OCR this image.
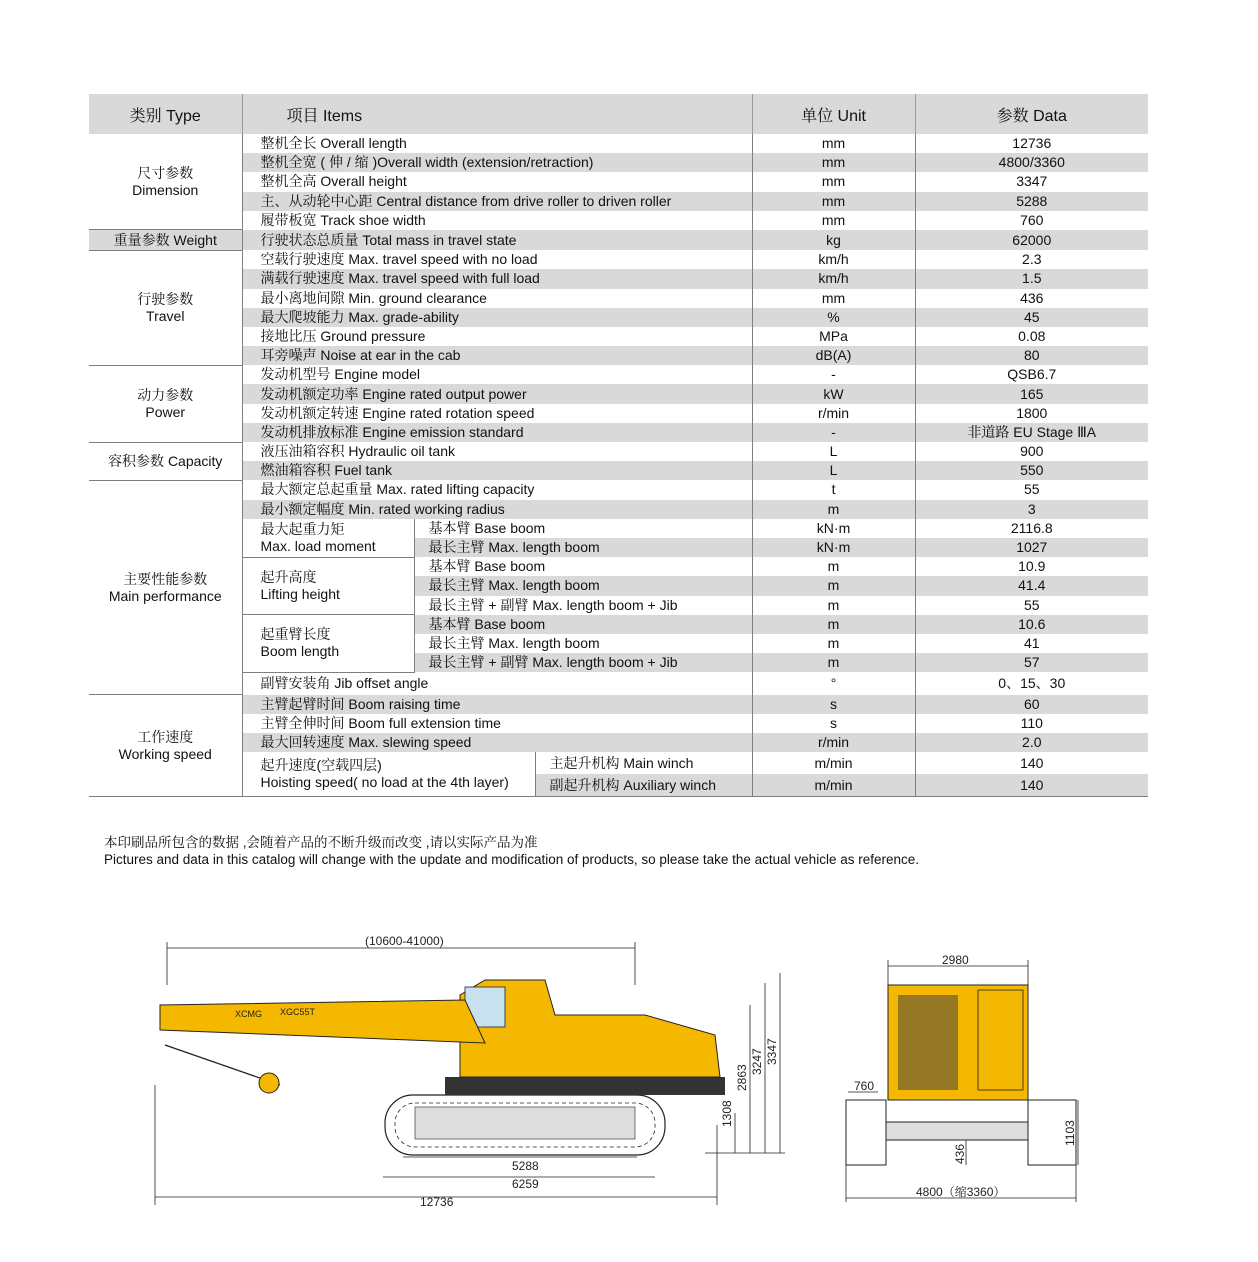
类别 Type	项目 Items			单位 Unit	参数 Data
尺寸参数
Dimension	整机全长 Overall length			mm	12736
	整机全宽 ( 伸 / 缩 )Overall width (extension/retraction)			mm	4800/3360
	整机全高 Overall height			mm	3347
	主、从动轮中心距 Central distance from drive roller to driven roller			mm	5288
	履带板宽 Track shoe width			mm	760
重量参数 Weight	行驶状态总质量 Total mass in travel state			kg	62000
行驶参数
Travel	空载行驶速度 Max. travel speed with no load			km/h	2.3
	满载行驶速度 Max. travel speed with full load			km/h	1.5
	最小离地间隙 Min. ground clearance			mm	436
	最大爬坡能力 Max. grade-ability			%	45
	接地比压 Ground pressure			MPa	0.08
	耳旁噪声 Noise at ear in the cab			dB(A)	80
动力参数
Power	发动机型号 Engine model			-	QSB6.7
	发动机额定功率 Engine rated output power			kW	165
	发动机额定转速 Engine rated rotation speed			r/min	1800
	发动机排放标准 Engine emission standard			-	非道路 EU Stage ⅢA
容积参数 Capacity	液压油箱容积 Hydraulic oil tank			L	900
	燃油箱容积 Fuel tank			L	550
主要性能参数
Main performance	最大额定总起重量 Max. rated lifting capacity			t	55
	最小额定幅度 Min. rated working radius			m	3
	最大起重力矩
Max. load moment	基本臂 Base boom		kN·m	2116.8
		最长主臂 Max. length boom		kN·m	1027
	起升高度
Lifting height	基本臂 Base boom		m	10.9
		最长主臂 Max. length boom		m	41.4
		最长主臂 + 副臂 Max. length boom + Jib		m	55
	起重臂长度
Boom length	基本臂 Base boom		m	10.6
		最长主臂 Max. length boom		m	41
		最长主臂 + 副臂 Max. length boom + Jib		m	57
	副臂安装角 Jib offset angle			°	0、15、30
工作速度
Working speed	主臂起臂时间 Boom raising time			s	60
	主臂全伸时间 Boom full extension time			s	110
	最大回转速度 Max. slewing speed			r/min	2.0
	起升速度(空载四层)
Hoisting speed( no load at the 4th layer)		主起升机构 Main winch	m/min	140
			副起升机构 Auxiliary winch	m/min	140
本印刷品所包含的数据 ,会随着产品的不断升级而改变 ,请以实际产品为准
Pictures and data in this catalog will change with the update and modification of products, so please take the actual vehicle as reference.
XCMG XGC55T
(10600-41000)
2863
3247 3347
1308
5288
6259
12736
2980
760
436
1103
4800（缩3360）
